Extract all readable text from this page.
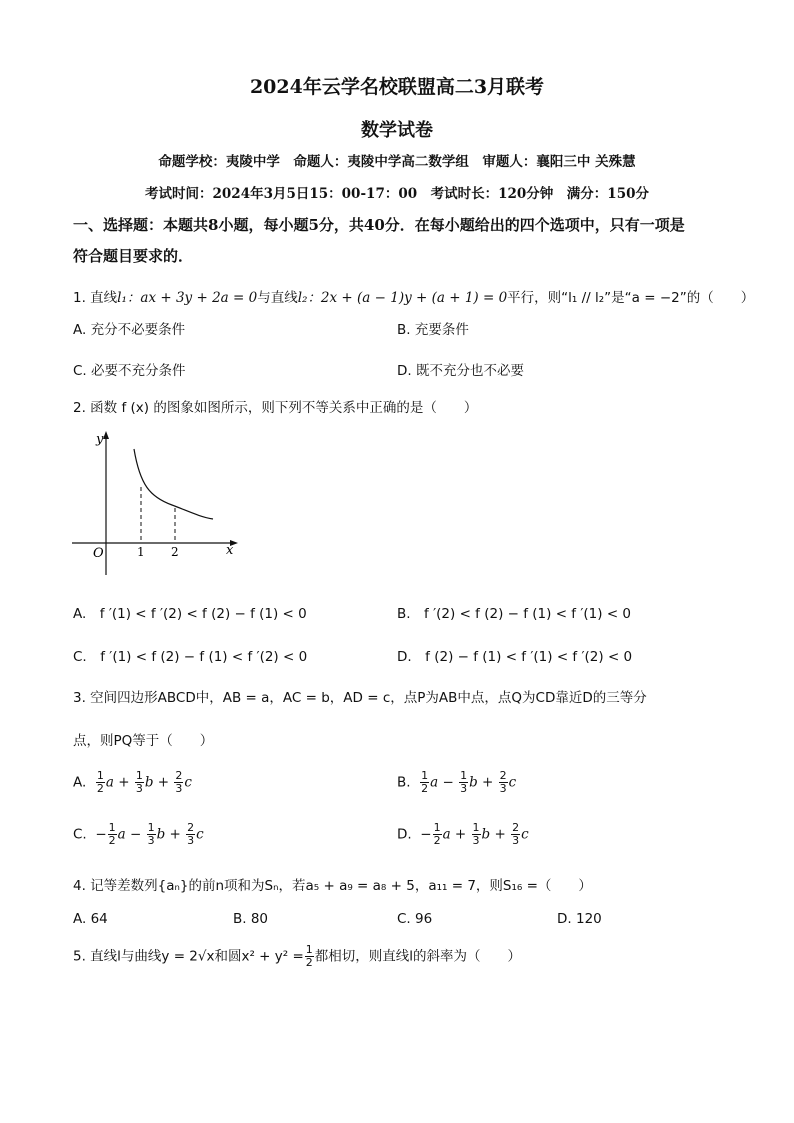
2024年云学名校联盟高二3月联考
数学试卷
命题学校：夷陵中学　命题人：夷陵中学高二数学组　审题人：襄阳三中 关殊慧
考试时间：2024年3月5日15：00-17：00　考试时长：120分钟　满分：150分
一、选择题：本题共8小题，每小题5分，共40分．在每小题给出的四个选项中，只有一项是
符合题目要求的．
1. 直线l₁：ax + 3y + 2a = 0与直线l₂：2x + (a − 1)y + (a + 1) = 0平行，则“l₁ // l₂”是“a = −2”的（　　）
A. 充分不必要条件	B. 充要条件
C. 必要不充分条件	D. 既不充分也不必要
2. 函数 f (x) 的图象如图所示，则下列不等关系中正确的是（　　）
y
x
O	1 2
A.　f ′(1) < f ′(2) < f (2) − f (1) < 0	B.　f ′(2) < f (2) − f (1) < f ′(1) < 0
C.　f ′(1) < f (2) − f (1) < f ′(2) < 0	D.　f (2) − f (1) < f ′(1) < f ′(2) < 0
3. 空间四边形ABCD中，AB = a，AC = b，AD = c，点P为AB中点，点Q为CD靠近D的三等分
点，则PQ等于（　　）
A. $\frac{1}{2}$ $a + \frac{1}{3}$ $b + \frac{2}{3}$ c	B. $\frac{1}{2}$ $a - \frac{1}{3}$ $b + \frac{2}{3}$ c
C. − $\frac{1}{2}$ $a - \frac{1}{3}$ $b + \frac{2}{3}$ c	D. − $\frac{1}{2}$ $a + \frac{1}{3}$ $b + \frac{2}{3}$ c
4. 记等差数列{aₙ}的前n项和为Sₙ，若a₅ + a₉ = a₈ + 5，a₁₁ = 7，则S₁₆ =（　　）
A. 64	B. 80	C. 96	D. 120
5. 直线l与曲线y = 2√x和圆$x^2 + y^2 = \frac{1}{2}$ 都相切，则直线l的斜率为（　　）
